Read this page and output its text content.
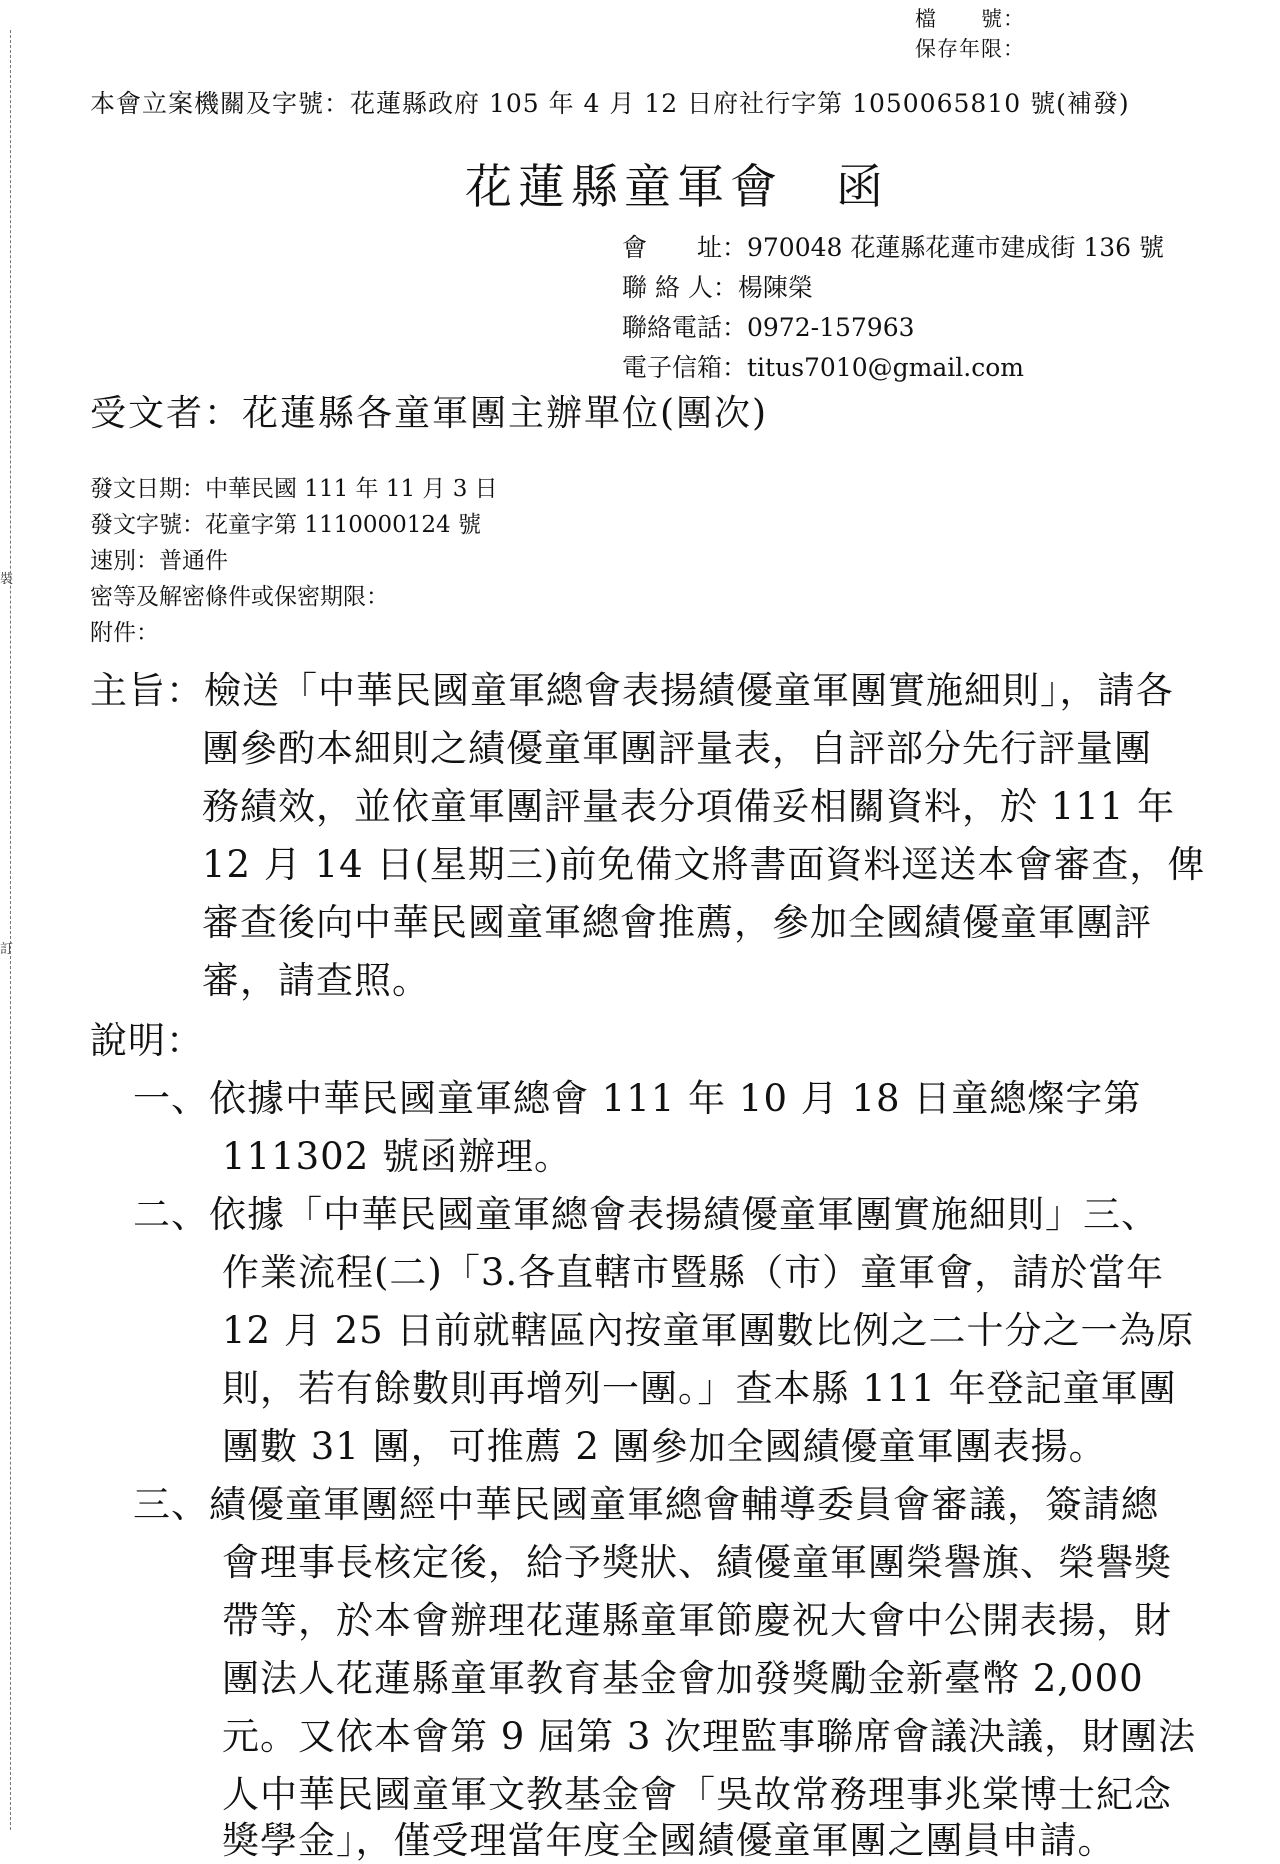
裝
訂
檔　　號：
保存年限：
本會立案機關及字號：花蓮縣政府 105 年 4 月 12 日府社行字第 1050065810 號(補發)
花蓮縣童軍會　函
會　　址：970048 花蓮縣花蓮市建成街 136 號
聯 絡 人：楊陳榮
聯絡電話：0972-157963
電子信箱：titus7010@gmail.com
受文者：花蓮縣各童軍團主辦單位(團次)
發文日期：中華民國 111 年 11 月 3 日
發文字號：花童字第 1110000124 號
速別：普通件
密等及解密條件或保密期限：
附件：
主旨：檢送「中華民國童軍總會表揚績優童軍團實施細則」，請各
團參酌本細則之績優童軍團評量表，自評部分先行評量團
務績效，並依童軍團評量表分項備妥相關資料，於 111 年
12 月 14 日(星期三)前免備文將書面資料逕送本會審查，俾
審查後向中華民國童軍總會推薦，參加全國績優童軍團評
審，請查照。
說明：
一、依據中華民國童軍總會 111 年 10 月 18 日童總燦字第
111302 號函辦理。
二、依據「中華民國童軍總會表揚績優童軍團實施細則」三、
作業流程(二)「3.各直轄市暨縣（市）童軍會，請於當年
12 月 25 日前就轄區內按童軍團數比例之二十分之一為原
則，若有餘數則再增列一團。」查本縣 111 年登記童軍團
團數 31 團，可推薦 2 團參加全國績優童軍團表揚。
三、績優童軍團經中華民國童軍總會輔導委員會審議，簽請總
會理事長核定後，給予獎狀、績優童軍團榮譽旗、榮譽獎
帶等，於本會辦理花蓮縣童軍節慶祝大會中公開表揚，財
團法人花蓮縣童軍教育基金會加發獎勵金新臺幣 2,000
元。又依本會第 9 屆第 3 次理監事聯席會議決議，財團法
人中華民國童軍文教基金會「吳故常務理事兆棠博士紀念
獎學金」，僅受理當年度全國績優童軍團之團員申請。
